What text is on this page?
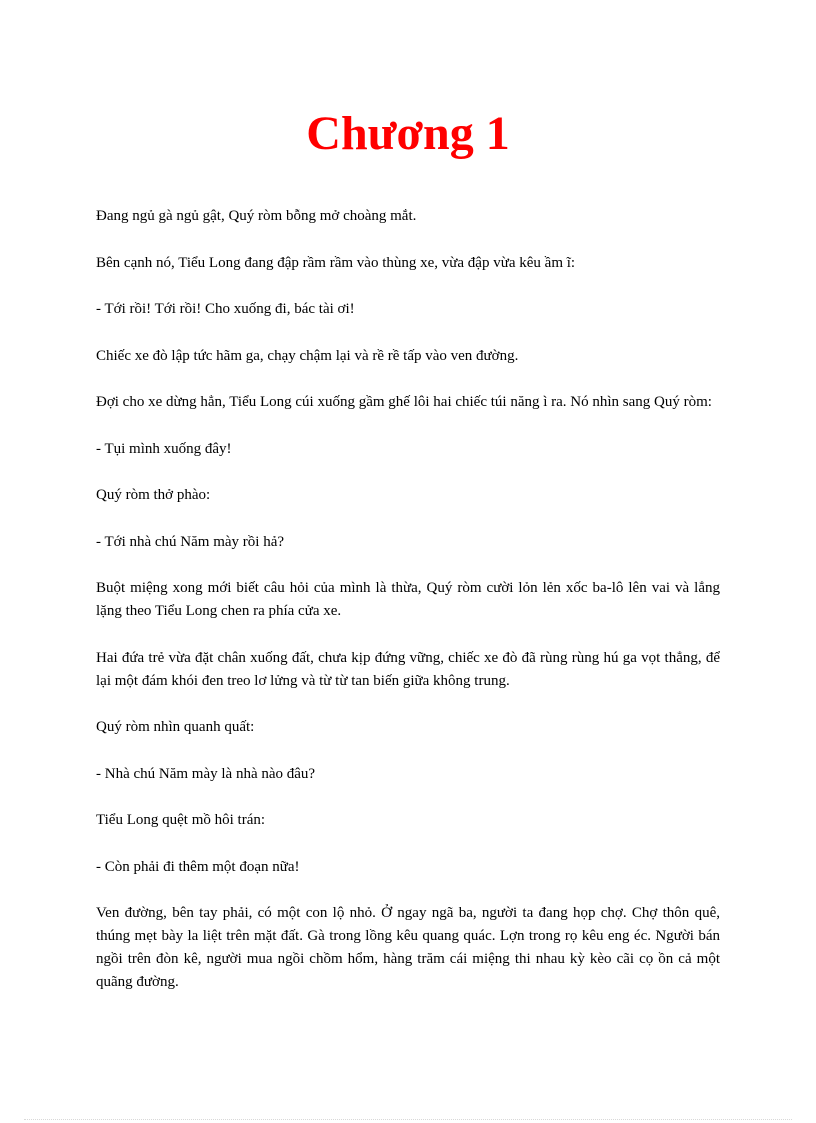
Chương 1

Đang ngủ gà ngủ gật, Quý ròm bỗng mở choàng mắt.

Bên cạnh nó, Tiểu Long đang đập rầm rầm vào thùng xe, vừa đập vừa kêu ầm ĩ:

- Tới rồi! Tới rồi! Cho xuống đi, bác tài ơi!

Chiếc xe đò lập tức hãm ga, chạy chậm lại và rề rề tấp vào ven đường.

Đợi cho xe dừng hẳn, Tiểu Long cúi xuống gầm ghế lôi hai chiếc túi năng ì ra. Nó nhìn sang Quý ròm:

- Tụi mình xuống đây!

Quý ròm thở phào:

- Tới nhà chú Năm mày rồi hả?

Buột miệng xong mới biết câu hỏi của mình là thừa, Quý ròm cười lỏn lẻn xốc ba-lô lên vai và lẳng lặng theo Tiểu Long chen ra phía cửa xe.

Hai đứa trẻ vừa đặt chân xuống đất, chưa kịp đứng vững, chiếc xe đò đã rùng rùng hú ga vọt thẳng, để lại một đám khói đen treo lơ lửng và từ từ tan biến giữa không trung.

Quý ròm nhìn quanh quất:

- Nhà chú Năm mày là nhà nào đâu?

Tiểu Long quệt mồ hôi trán:

- Còn phải đi thêm một đoạn nữa!

Ven đường, bên tay phải, có một con lộ nhỏ. Ở ngay ngã ba, người ta đang họp chợ. Chợ thôn quê, thúng mẹt bày la liệt trên mặt đất. Gà trong lồng kêu quang quác. Lợn trong rọ kêu eng éc. Người bán ngồi trên đòn kê, người mua ngồi chồm hổm, hàng trăm cái miệng thi nhau kỳ kèo cãi cọ ồn cả một quãng đường.
